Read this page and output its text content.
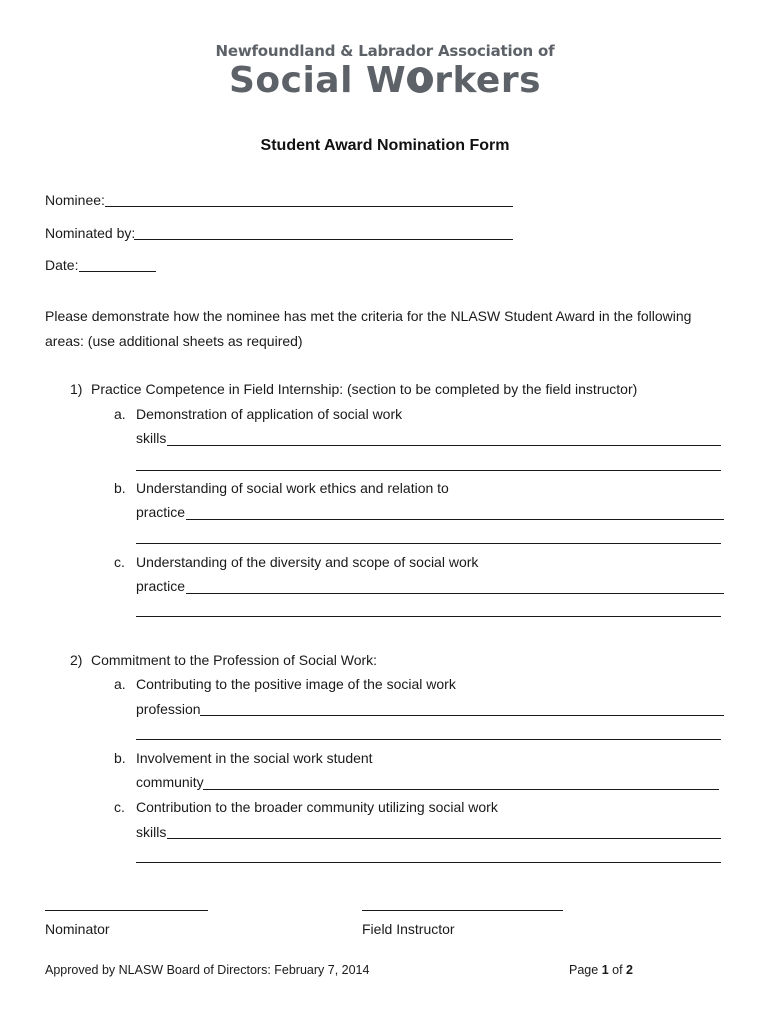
Newfoundland & Labrador Association of
Social W rkers
Student Award Nomination Form
Nominee:
Nominated by:
Date:
Please demonstrate how the nominee has met the criteria for the NLASW Student Award in the following
areas: (use additional sheets as required)
1) Practice Competence in Field Internship: (section to be completed by the field instructor)
a. Demonstration of application of social work
skills
b. Understanding of social work ethics and relation to
practice
c. Understanding of the diversity and scope of social work
practice
2) Commitment to the Profession of Social Work:
a. Contributing to the positive image of the social work
profession
b. Involvement in the social work student
community
c. Contribution to the broader community utilizing social work
skills
Nominator	Field Instructor
Approved by NLASW Board of Directors: February 7, 2014	Page 1 of 2
